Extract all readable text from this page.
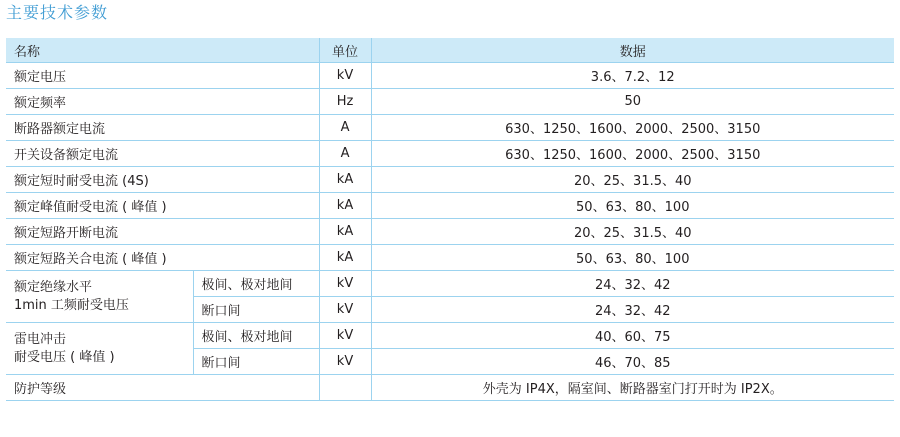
主要技术参数
名称		单位	数据
额定电压		kV	3.6、7.2、12
额定频率		Hz	50
断路器额定电流		A	630、1250、1600、2000、2500、3150
开关设备额定电流		A	630、1250、1600、2000、2500、3150
额定短时耐受电流 (4S)		kA	20、25、31.5、40
额定峰值耐受电流 ( 峰值 )		kA	50、63、80、100
额定短路开断电流		kA	20、25、31.5、40
额定短路关合电流 ( 峰值 )		kA	50、63、80、100

额定绝缘水平
1min 工频耐受电压	极间、极对地间	kV	24、32、42
	断口间	kV	24、32、42

雷电冲击
耐受电压 ( 峰值 )	极间、极对地间	kV	40、60、75
	断口间	kV	46、70、85
防护等级			外壳为 IP4X，隔室间、断路器室门打开时为 IP2X。
